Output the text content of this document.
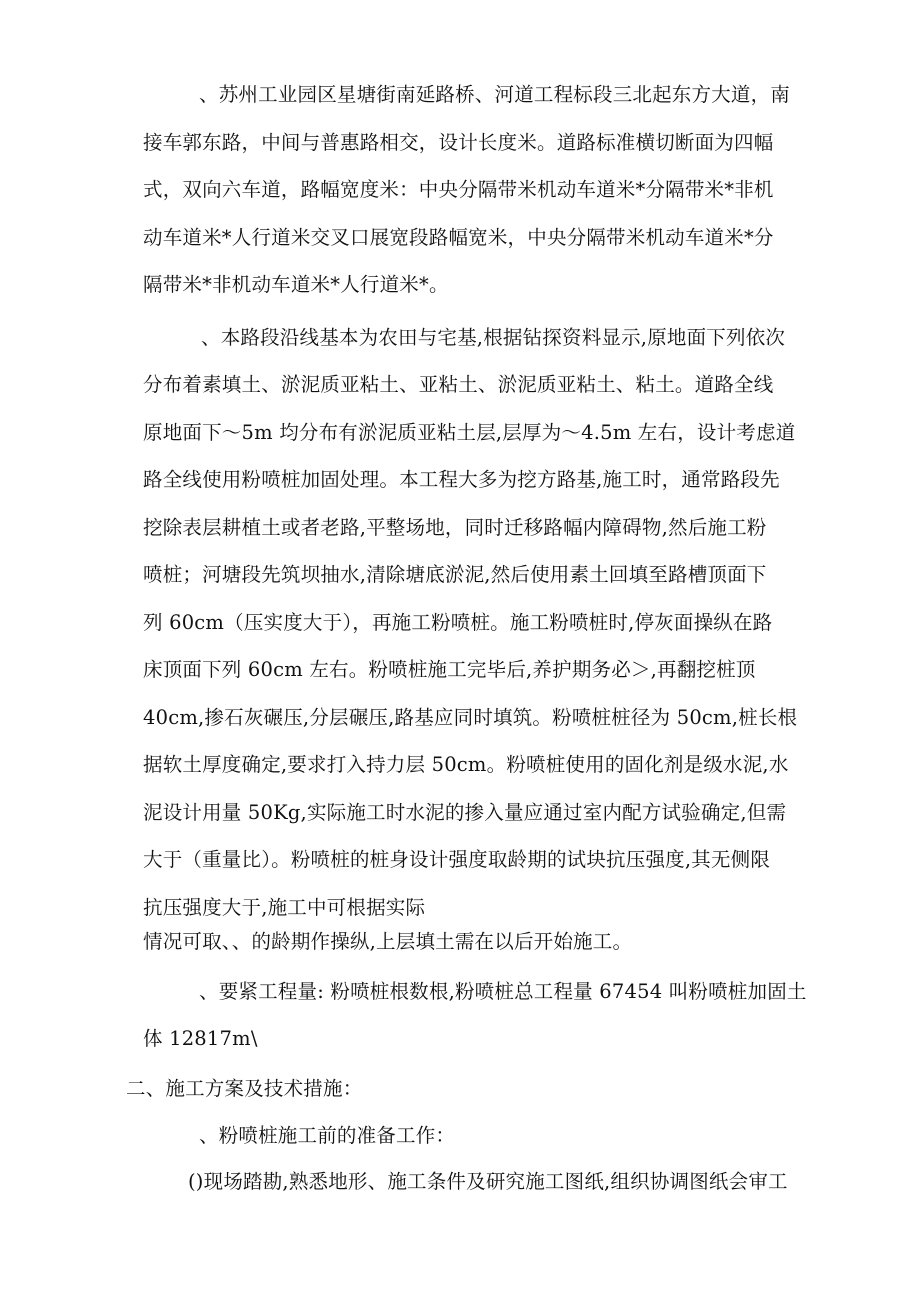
、苏州工业园区星塘街南延路桥、河道工程标段三北起东方大道，南
接车郭东路，中间与普惠路相交，设计长度米。道路标准横切断面为四幅
式，双向六车道，路幅宽度米：中央分隔带米机动车道米*分隔带米*非机
动车道米*人行道米交叉口展宽段路幅宽米，中央分隔带米机动车道米*分
隔带米*非机动车道米*人行道米*。
、本路段沿线基本为农田与宅基,根据钻探资料显示,原地面下列依次
分布着素填土、淤泥质亚粘土、亚粘土、淤泥质亚粘土、粘土。道路全线
原地面下～5m 均分布有淤泥质亚粘土层,层厚为～4.5m 左右，设计考虑道
路全线使用粉喷桩加固处理。本工程大多为挖方路基,施工时，通常路段先
挖除表层耕植土或者老路,平整场地，同时迁移路幅内障碍物,然后施工粉
喷桩；河塘段先筑坝抽水,清除塘底淤泥,然后使用素土回填至路槽顶面下
列 60cm（压实度大于），再施工粉喷桩。施工粉喷桩时,停灰面操纵在路
床顶面下列 60cm 左右。粉喷桩施工完毕后,养护期务必＞,再翻挖桩顶
40cm,掺石灰碾压,分层碾压,路基应同时填筑。粉喷桩桩径为 50cm,桩长根
据软土厚度确定,要求打入持力层 50cm。粉喷桩使用的固化剂是级水泥,水
泥设计用量 50Kg,实际施工时水泥的掺入量应通过室内配方试验确定,但需
大于（重量比）。粉喷桩的桩身设计强度取龄期的试块抗压强度,其无侧限
抗压强度大于,施工中可根据实际
情况可取、、的龄期作操纵,上层填土需在以后开始施工。
、要紧工程量: 粉喷桩根数根,粉喷桩总工程量 67454 叫粉喷桩加固土
体 12817m\
二、施工方案及技术措施：
、粉喷桩施工前的准备工作：
()现场踏勘,熟悉地形、施工条件及研究施工图纸,组织协调图纸会审工
